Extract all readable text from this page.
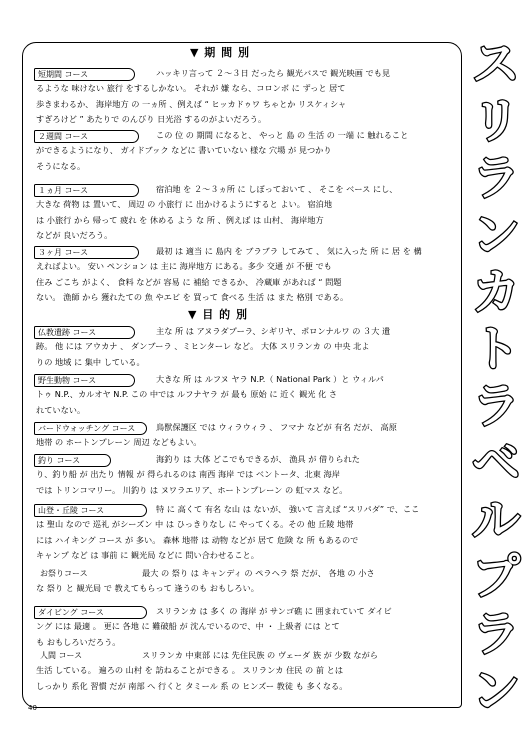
▼ 期 間 別
短期間 コース	ハッキリ言って ２～３日 だったら 観光バスで 観光映画 でも見
るような 味けない 旅行 をするしかない。 それが 嫌 なら、コロンボ に ずっと 居て
歩きまわるか、 海岸地方 の 一ヵ所 、例えば “ ヒッカドゥワ ちゃとか リスケィシャ
すぎろけど ” あたりで のんびり 日光浴 するのがよいだろう。
２週間 コース	この 位 の 期間 になると、 やっと 島 の 生活 の 一端 に 触れること
ができるようになり、 ガイドブック などに 書いていない 様な 穴場 が 見つかり
そうになる。
１ヵ月 コース	宿泊地 を ２～３ヵ所 に しぼっておいて 、 そこを ベース にし、
大きな 荷物 は 置いて、 周辺 の 小旅行 に 出かけるようにすると よい。 宿泊地
は 小旅行 から 帰って 疲れ を 休める よう な 所 、例えば は 山村、 海岸地方
などが 良いだろう。
３ヶ月 コース	最初 は 適当 に 島内 を ブラブラ してみて 、 気に入った 所 に 居 を 構
えればよい。 安い ペンション は 主に 海岸地方 にある。多少 交通 が 不便 でも
住み ごこち がよく、 食料 などが 容易 に 補給 できるか、 冷蔵庫 があれば “ 問題
ない。 漁師 から 獲れたての 魚 やエビ を 買って 食べる 生活 は また 格別 である。
▼ 目 的 別
仏教遺跡 コース	主な 所 は アヌラダプーラ、シギリヤ、ポロンナルワ の ３大 遺
跡。 他 には アウカナ 、 ダンブーラ 、ミヒンターレ など。 大体 スリランカ の 中央 北よ
りの 地域 に 集中 している。
野生動物 コース	大きな 所 は ルフヌ ヤラ N.P.（ National Park ）と ウィルパ
トゥ N.P.、カルオヤ N.P. この 中では ルフナヤラ が 最も 原始 に 近く 観光 化 さ
れていない。
バードウォッチング コース	鳥獣保護区 では ウィラウィラ 、 フマナ などが 有名 だが、 高原
地帯 の ホートンプレーン 周辺 などもよい。
釣り コース	海釣り は 大体 どこでもできるが、 漁具 が 借りられた
り、釣り船 が 出たり 情報 が 得られるのは 南西 海岸 では ベントータ、北東 海岸
では トリンコマリー。 川釣り は ヌワラエリア、ホートンプレーン の 虹マス など。
山登・丘陵 コース	特 に 高くて 有名 な山 は ないが、 強いて 言えば “スリパダ” で、ここ
は 聖山 なので 巡礼 がシーズン 中 は ひっきりなし に やってくる。その 他 丘陵 地帯
には ハイキング コース が 多い。 森林 地帯 は 动物 などが 居て 危険 な 所 もあるので
キャンプ など は 事前 に 観光局 などに 問い合わせること。
お祭りコース	最大 の 祭り は キャンディ の ペラヘラ 祭 だが、 各地 の 小さ
な 祭り と 観光局 で 教えてもらって 逢うのも おもしろい。
ダイビング コース	スリランカ は 多く の 海岸 が サンゴ礁 に 囲まれていて ダイビ
ング には 最適 。 更に 各地 に 難破船 が 沈んでいるので、中 ・ 上級者 には とて
も おもしろいだろう。
人間 コース	スリランカ 中東部 には 先住民族 の ヴェーダ 族 が 少数 ながら
生活 している。 遍ろの 山村 を 訪ねることができる 。 スリランカ 住民 の 前 とは
しっかり 系化 習慣 だが 南部 へ 行くと タミール 系 の ヒンズー 教徒 も 多くなる。
ス
リ
ラ
ン
カ
ト
ラ
ベ
ル
プ
ラ
ン
40
